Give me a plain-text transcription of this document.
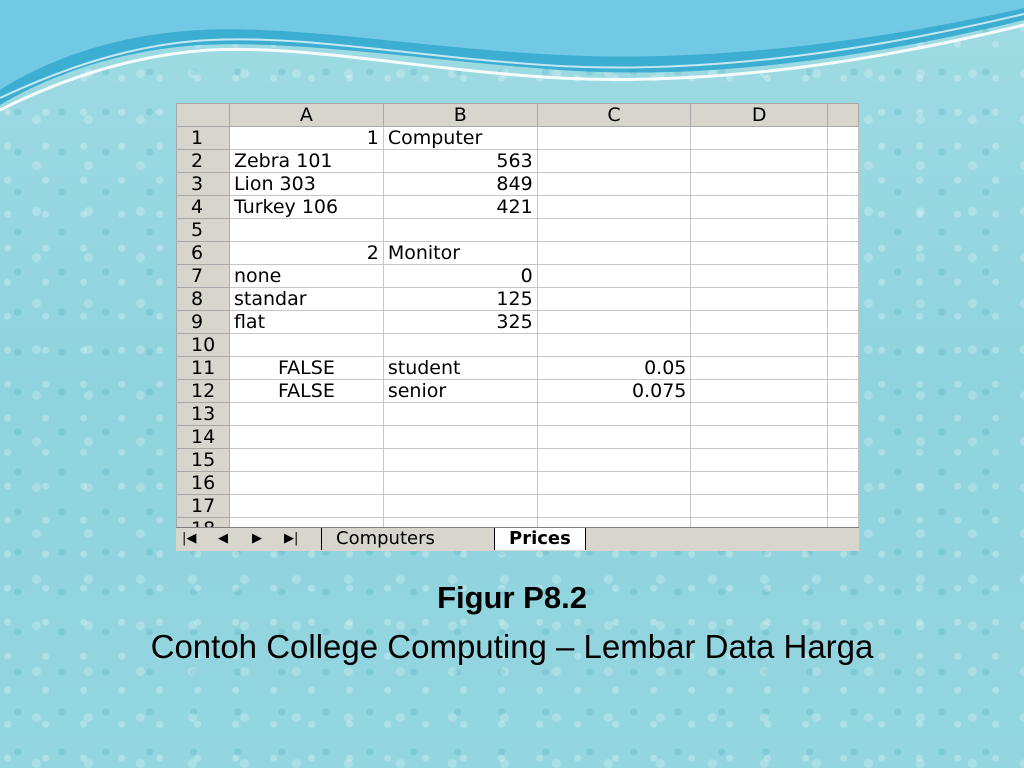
	A	B	C	D	
1	1	Computer			
2	Zebra 101	563			
3	Lion 303	849			
4	Turkey 106	421			
5					
6	2	Monitor			
7	none	0			
8	standar	125			
9	flat	325			
10					
11	FALSE	student	0.05		
12	FALSE	senior	0.075		
13					
14					
15					
16					
17					

|◀ ◀ ▶ ▶|	Computers	Prices
Figur P8.2
Contoh College Computing – Lembar Data Harga
